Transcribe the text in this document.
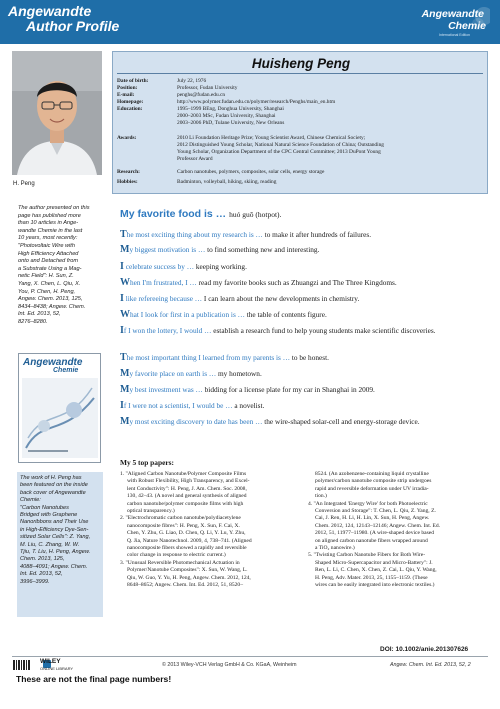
Angewandte
Author Profile
Angewandte
Chemie
International Edition
H. Peng
Huisheng Peng
Date of birth:	July 22, 1976
Position:	Professor, Fudan University
E-mail:	penghs@fudan.edu.cn
Homepage:	http://www.polymer.fudan.edu.cn/polymer/research/Penghs/main_en.htm
Education:	1995–1999 BEng, Donghua University, Shanghai
2000–2003 MSc, Fudan University, Shanghai
2003–2006 PhD, Tulane University, New Orleans
Awards:	2010 Li Foundation Heritage Prize; Young Scientist Award, Chinese Chemical Society;
2012 Distinguished Young Scholar, National Natural Science Foundation of China; Outstanding
Young Scholar, Organization Department of the CPC Central Committee; 2013 DuPont Young
Professor Award
Research:	Carbon nanotubes, polymers, composites, solar cells, energy storage
Hobbies:	Badminton, volleyball, hiking, skiing, reading
The author presented on this
page has published more
than 10 articles in Ange-
wandte Chemie in the last
10 years, most recently:
"Photovoltaic Wire with
High Efficiency Attached
onto and Detached from
a Substrate Using a Mag-
netic Field": H. Sun, Z.
Yang, X. Chen, L. Qiu, X.
You, P. Chen, H. Peng,
Angew. Chem. 2013, 125,
8434–8438; Angew. Chem.
Int. Ed. 2013, 52,
8276–8280.
Angewandte
Chemie
The work of H. Peng has
been featured on the inside
back cover of Angewandte
Chemie:
"Carbon Nanotubes
Bridged with Graphene
Nanoribbons and Their Use
in High-Efficiency Dye-Sen-
sitized Solar Cells": Z. Yang,
M. Liu, C. Zhang, W. W.
Tjiu, T. Liu, H. Peng, Angew.
Chem. 2013, 125,
4088–4091; Angew. Chem.
Int. Ed. 2013, 52,
3996–3999.
My favorite food is … huó guō (hotpot).
The most exciting thing about my research is … to make it after hundreds of failures.
My biggest motivation is … to find something new and interesting.
I celebrate success by … keeping working.
When I'm frustrated, I … read my favorite books such as Zhuangzi and The Three Kingdoms.
I like refereeing because … I can learn about the new developments in chemistry.
What I look for first in a publication is … the table of contents figure.
If I won the lottery, I would … establish a research fund to help young students make scientific discoveries.
The most important thing I learned from my parents is … to be honest.
My favorite place on earth is … my hometown.
My best investment was … bidding for a license plate for my car in Shanghai in 2009.
If I were not a scientist, I would be … a novelist.
My most exciting discovery to date has been … the wire-shaped solar-cell and energy-storage device.
My 5 top papers:
1. "Aligned Carbon Nanotube/Polymer Composite Films
with Robust Flexibility, High Transparency, and Excel-
lent Conductivity": H. Peng, J. Am. Chem. Soc. 2008,
130, 42–43. (A novel and general synthesis of aligned
carbon nanotube/polymer composite films with high
optical transparency.)
2. "Electrochromatic carbon nanotube/polydiacetylene
nanocomposite fibres": H. Peng, X. Sun, F. Cai, X.
Chen, Y. Zhu, G. Liao, D. Chen, Q. Li, Y. Lu, Y. Zhu,
Q. Jia, Nature Nanotechnol. 2009, 4, 738–741. (Aligned
nanocomposite fibers showed a rapidly and reversible
color change in response to electric current.)
3. "Unusual Reversible Photomechanical Actuation in
Polymer/Nanotube Composites": X. Sun, W. Wang, L.
Qiu, W. Guo, Y. Yu, H. Peng, Angew. Chem. 2012, 124,
8648–8652; Angew. Chem. Int. Ed. 2012, 51, 8520–
8524. (An azobenzene-containing liquid crystalline
polymer/carbon nanotube composite strip undergoes
rapid and reversible deformation under UV irradia-
tion.)
4. "An Integrated 'Energy Wire' for both Photoelectric
Conversion and Storage": T. Chen, L. Qiu, Z. Yang, Z.
Cai, J. Ren, H. Li, H. Lin, X. Sun, H. Peng, Angew.
Chem. 2012, 124, 12143–12146; Angew. Chem. Int. Ed.
2012, 51, 11977–11980. (A wire-shaped device based
on aligned carbon nanotube fibers wrapped around
a TiO₂ nanowire.)
5. "Twisting Carbon Nanotube Fibers for Both Wire-
Shaped Micro-Supercapacitor and Micro-Battery": J.
Ren, L. Li, C. Chen, X. Chen, Z. Cai, L. Qiu, Y. Wang,
H. Peng, Adv. Mater. 2013, 25, 1155–1159. (These
wires can be easily integrated into electronic textiles.)
DOI: 10.1002/anie.201307626
WILEY
ONLINE LIBRARY
© 2013 Wiley-VCH Verlag GmbH & Co. KGaA, Weinheim	Angew. Chem. Int. Ed. 2013, 52, 2
These are not the final page numbers!
